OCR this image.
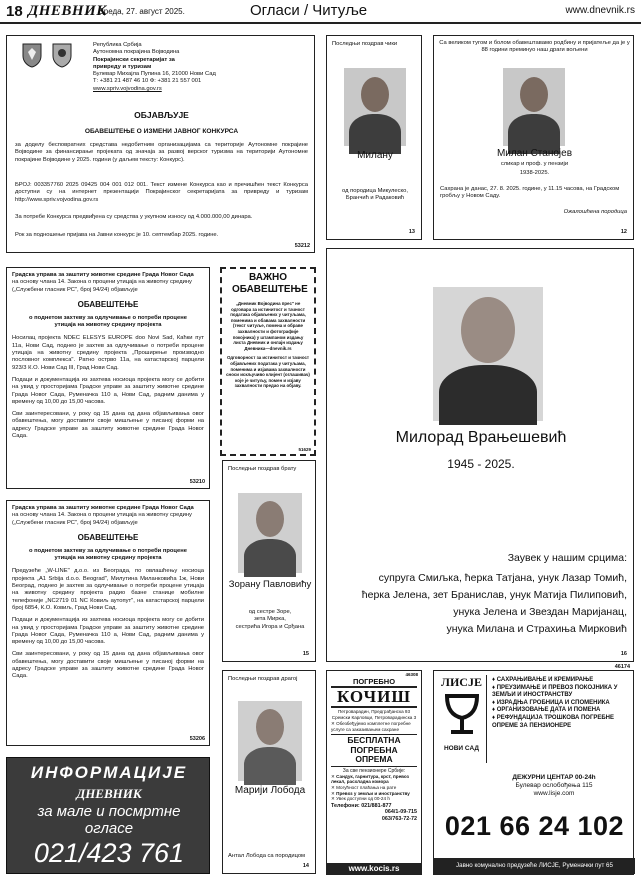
18 ДНЕВНИК
Среда, 27. август 2025.	Огласи / Читуље	www.dnevnik.rs
Република Србија
Аутономна покрајина Војводина
Покрајински секретаријат за
привреду и туризам
Булевар Михајла Пупина 16, 21000 Нови Сад
Т: +381 21 487 46 10 Ф: +381 21 557 001
www.spriv.vojvodina.gov.rs
ОБЈАВЉУЈЕ
ОБАВЕШТЕЊЕ О ИЗМЕНИ ЈАВНОГ КОНКУРСА
за доделу бесповратних средстава недобитним организацијама са територије Аутономне покрајине Војводине за финансирање пројеката од значаја за развој верског туризма на територији Аутономне покрајине Војводине у 2025. години (у даљем тексту: Конкурс).
БРОЈ: 003357760 2025 09425 004 001 012 001. Текст измене Конкурса као и пречишћен текст Конкурса доступни су на интернет презентацији Покрајинског секретаријата за привреду и туризам http://www.spriv.vojvodina.gov.rs
За потребе Конкурса предвиђена су средства у укупном износу од 4.000.000,00 динара.
Рок за подношење пријава на Јавни конкурс је 10. септембар 2025. године.
53212
Градска управа за заштиту животне средине Града Новог Сада
на основу члана 14. Закона о процени утицаја на животну средину („Службени гласник РС", број 94/24) објављује
ОБАВЕШТЕЊЕ
о поднетом захтеву за одлучивање о потреби процене утицаја на животну средину пројекта
Носилац пројекта NDEC ELESYS EUROPE doo Novi Sad, Каћки пут 11а, Нови Сад, поднео је захтев за одлучивање о потреби процене утицаја на животну средину пројекта „Проширење производно пословног комплекса". Ратно острво 11а, на катастарској парцели 923/3 К.О. Нови Сад III, Град Нови Сад.
Подаци и документација из захтева носиоца пројекта могу се добити на увид у просторијама Градске управе за заштиту животне средине Града Новог Сада, Руменачка 110 а, Нови Сад, радним данима у времену од 10,00 до 15,00 часова.
Сви заинтересовани, у року од 15 дана од дана објављивања овог обавештења, могу доставити своје мишљење у писаној форми на адресу Градске управе за заштиту животне средине Града Новог Сада.
53210
Градска управа за заштиту животне средине Града Новог Сада
на основу члана 14. Закона о процени утицаја на животну средину („Службени гласник РС", број 94/24) објављује
ОБАВЕШТЕЊЕ
о поднетом захтеву за одлучивање о потреби процене утицаја на животну средину пројекта
Предузеће „W-LINE" д.о.о. из Београда, по овлашћењу носиоца пројекта „A1 Srbija d.o.o. Beograd", Милутина Миланковића 1ж, Нови Београд, поднео је захтев за одлучивање о потреби процене утицаја на животну средину пројекта радио базне станице мобилне телефоније „NC2719 01 NC Ковиљ аутопут", на катастарској парцели број 6854, К.О. Ковиљ, Град Нови Сад.
Подаци и документација из захтева носиоца пројекта могу се добити на увид у просторијама Градске управе за заштиту животне средине Града Новог Сада, Руменачка 110 а, Нови Сад, радним данима у времену од 10,00 до 15,00 часова.
Сви заинтересовани, у року од 15 дана од дана објављивања овог обавештења, могу доставити своје мишљење у писаној форми на адресу Градске управе за заштиту животне средине Града Новог Сада.
53206
ВАЖНО ОБАВЕШТЕЊЕ
„Дневник Војводина прес" не одговара за истинитост и тачност података објављених у читуљама, поменима и обавама захвалности (текст читуље, помена и обраве захвалности и фотографије покојника) у штампаном издању листа Дневник и онлајн издању Дневника—dnevnik.rs
Одговорност за истинитост и тачност објављених података у читуљама, поменима и изјавама захвалности сноси искључиво клијент (оглашивач) које је читуљу, помен и изјаву захвалности предао на објаву.
51629
ИНФОРМАЦИЈЕ
ДНЕВНИК
за мале и посмртне
огласе
021/423 761
Последњи поздрав чики
Милану
од породица Микулеско, Бранчић и Радаковић
13
Са великом тугом и болом обавештавамо родбину и пријатеље да је у 88 години преминуо наш драги вољени
Милан Станојев
сликар и проф. у пензији
1938-2025.
Сахрана је данас, 27. 8. 2025. године, у 11.15 часова, на Градском гробљу у Новом Саду.
Ожалошћена породица
12
Милорад Врањешевић
1945 - 2025.
Заувек у нашим срцима:
супруга Смиљка, ћерка Татјана, унук Лазар Томић,
ћерка Јелена, зет Бранислав, унук Матија Пилиповић,
унука Јелена и Звездан Маријанац,
унука Милана и Страхиња Мирковић
16
Последњи поздрав брату
Зорану Павловићу
од сестре Зоре,
зета Мирка,
сестрића Игора и Срђана
15
Последњи поздрав драгој
Марији Лобода
Антал Лобода са породицом
14
46308
ПОГРЕБНО
КОЧИШ
Петроварадин, Предграђанска 93 Сремски Карловци, Петроварадинска 3
✕ Обезбеђујемо комплетне погребне услуге са заказивањем сахране
БЕСПЛАТНА ПОГРЕБНА ОПРЕМА
За све пензионере Србије:
✕ Сандук, гарнитура, крст, превоз лекал, расхладна комора
✕ Могућност плаћања на рате
✕ Превоз у земљи и иностранству
✕ Увек доступни од 00-24 h
Телефони: 021/881-877
064/1-09-715
063/763-72-72
www.kocis.rs
46174
ЛИСЈЕ
НОВИ САД
♦ САХРАЊИВАЊЕ И КРЕМИРАЊЕ
♦ ПРЕУЗИМАЊЕ И ПРЕВОЗ ПОКОЈНИКА У ЗЕМЉИ И ИНОСТРАНСТВУ
♦ ИЗРАДЊА ГРОБНИЦА И СПОМЕНИКА
♦ ОРГАНИЗОВАЊЕ ДАТА И ПОМЕНА
♦ РЕФУНДАЦИЈА ТРОШКОВА ПОГРЕБНЕ ОПРЕМЕ ЗА ПЕНЗИОНЕРЕ
ДЕЖУРНИ ЦЕНТАР 00-24h
Булевар ослобођења 115
www.lisje.com
021 66 24 102
Јавно комунално предузеће ЛИСЈЕ, Руменачки пут 65
